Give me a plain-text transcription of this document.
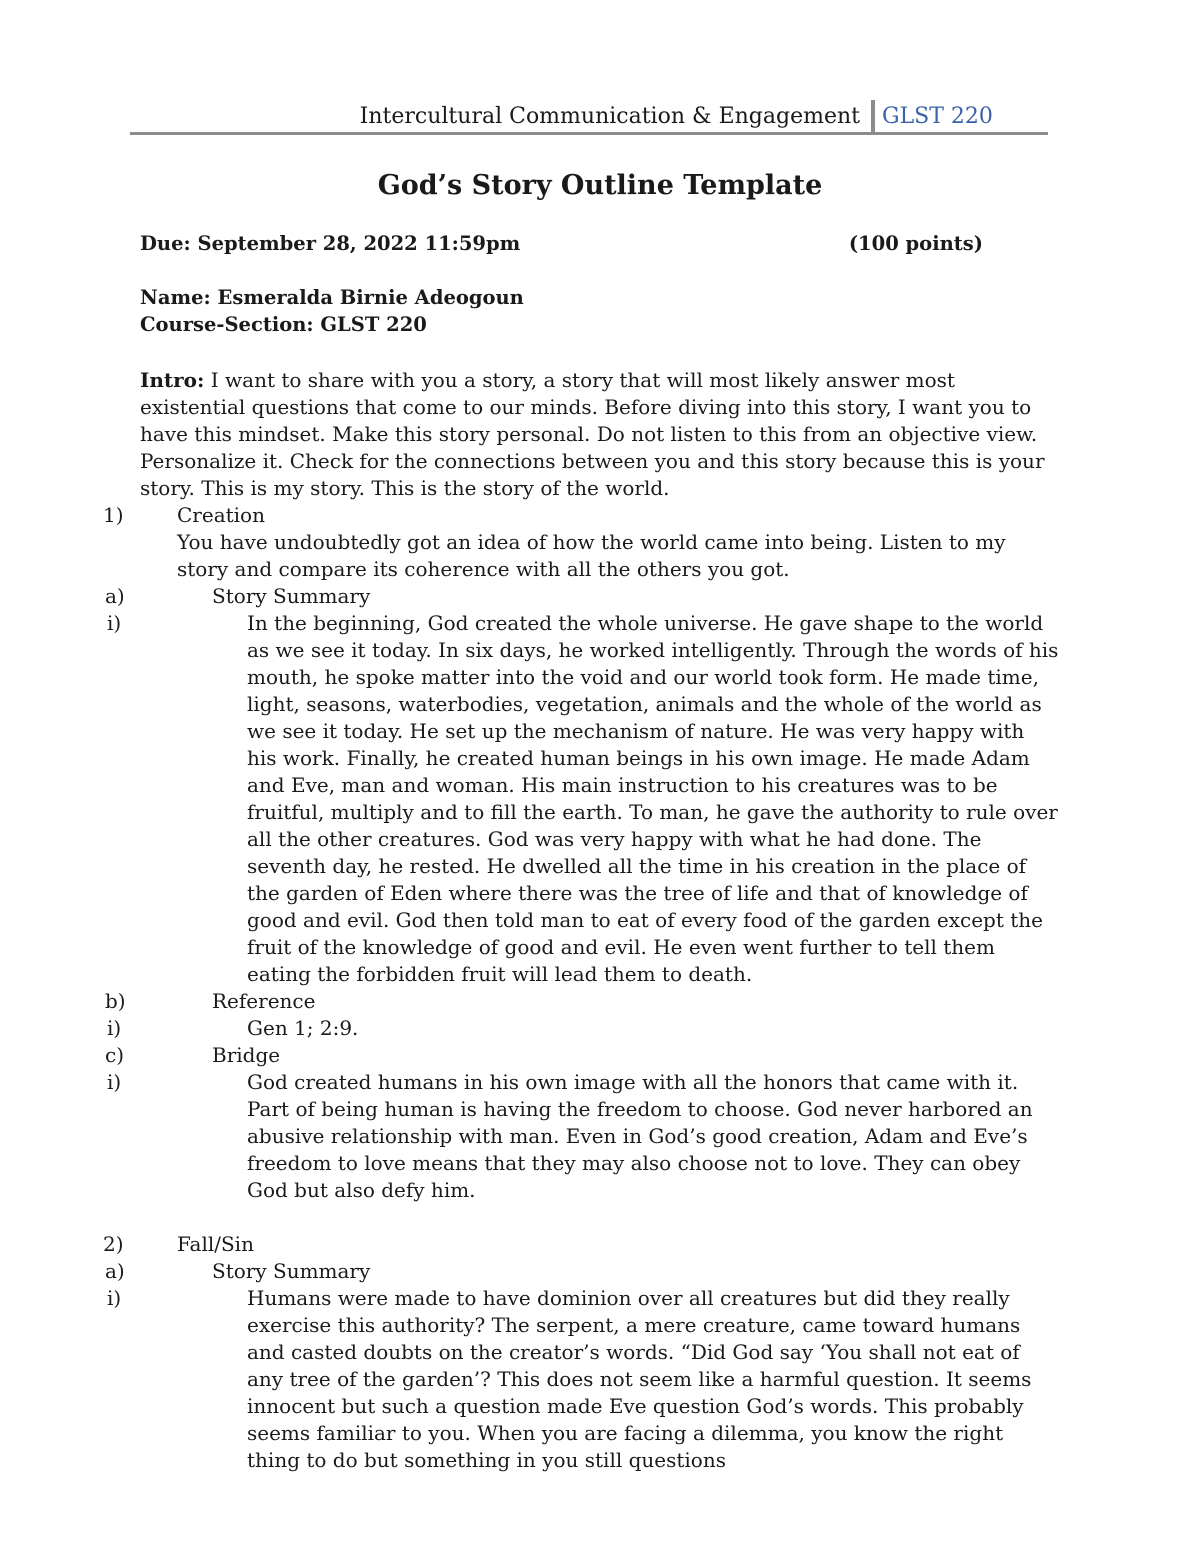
Intercultural Communication & Engagement GLST 220
God’s Story Outline Template
Due: September 28, 2022 11:59pm	(100 points)
Name: Esmeralda Birnie Adeogoun
Course-Section: GLST 220

Intro: I want to share with you a story, a story that will most likely answer most existential questions that come to our minds. Before diving into this story, I want you to have this mindset. Make this story personal. Do not listen to this from an objective view. Personalize it. Check for the connections between you and this story because this is your story. This is my story. This is the story of the world.

1)	Creation
You have undoubtedly got an idea of how the world came into being. Listen to my story and compare its coherence with all the others you got.
a)	Story Summary
i)	In the beginning, God created the whole universe. He gave shape to the world as we see it today. In six days, he worked intelligently. Through the words of his mouth, he spoke matter into the void and our world took form. He made time, light, seasons, waterbodies, vegetation, animals and the whole of the world as we see it today. He set up the mechanism of nature. He was very happy with his work. Finally, he created human beings in his own image. He made Adam and Eve, man and woman. His main instruction to his creatures was to be fruitful, multiply and to fill the earth. To man, he gave the authority to rule over all the other creatures. God was very happy with what he had done. The seventh day, he rested. He dwelled all the time in his creation in the place of the garden of Eden where there was the tree of life and that of knowledge of good and evil. God then told man to eat of every food of the garden except the fruit of the knowledge of good and evil. He even went further to tell them eating the forbidden fruit will lead them to death.
b)	Reference
i)	Gen 1; 2:9.
c)	Bridge
i)	God created humans in his own image with all the honors that came with it. Part of being human is having the freedom to choose. God never harbored an abusive relationship with man. Even in God’s good creation, Adam and Eve’s freedom to love means that they may also choose not to love. They can obey God but also defy him.
2)	Fall/Sin
a)	Story Summary
i)	Humans were made to have dominion over all creatures but did they really exercise this authority? The serpent, a mere creature, came toward humans and casted doubts on the creator’s words. “Did God say ‘You shall not eat of any tree of the garden’? This does not seem like a harmful question. It seems innocent but such a question made Eve question God’s words. This probably seems familiar to you. When you are facing a dilemma, you know the right thing to do but something in you still questions
